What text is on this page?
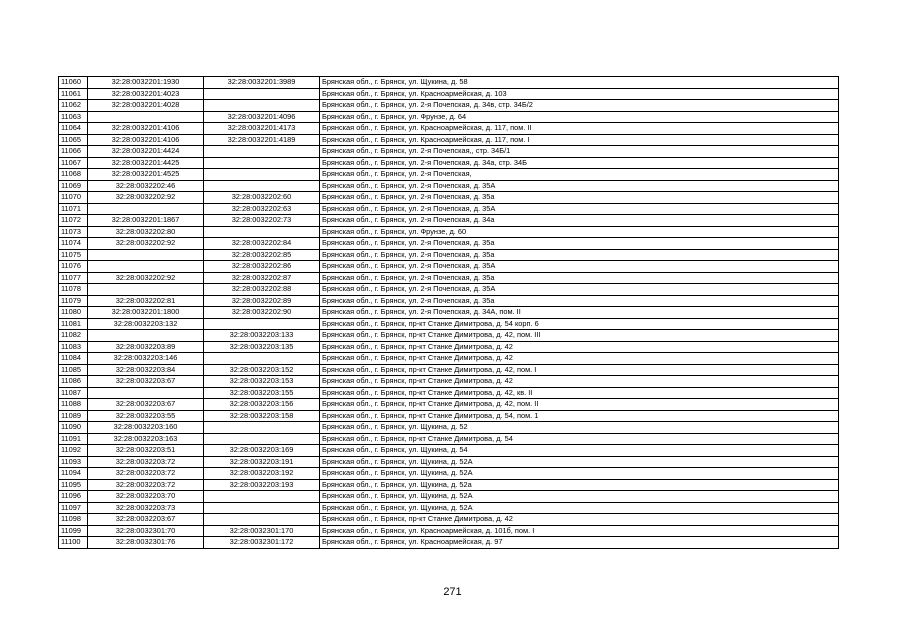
11060	32:28:0032201:1930	32:28:0032201:3989	Брянская обл., г. Брянск, ул. Щукина, д. 58
11061	32:28:0032201:4023		Брянская обл., г. Брянск, ул. Красноармейская, д. 103
11062	32:28:0032201:4028		Брянская обл., г. Брянск, ул. 2-я Почепская, д. 34в, стр. 34Б/2
11063		32:28:0032201:4096	Брянская обл., г. Брянск, ул. Фрунзе, д. 64
11064	32:28:0032201:4106	32:28:0032201:4173	Брянская обл., г. Брянск, ул. Красноармейская, д. 117, пом. II
11065	32:28:0032201:4106	32:28:0032201:4189	Брянская обл., г. Брянск, ул. Красноармейская, д. 117, пом. I
11066	32:28:0032201:4424		Брянская обл., г. Брянск, ул. 2-я Почепская,, стр. 34Б/1
11067	32:28:0032201:4425		Брянская обл., г. Брянск, ул. 2-я Почепская, д. 34а, стр. 34Б
11068	32:28:0032201:4525		Брянская обл., г. Брянск, ул. 2-я Почепская,
11069	32:28:0032202:46		Брянская обл., г. Брянск, ул. 2-я Почепская, д. 35А
11070	32:28:0032202:92	32:28:0032202:60	Брянская обл., г. Брянск, ул. 2-я Почепская, д. 35а
11071		32:28:0032202:63	Брянская обл., г. Брянск, ул. 2-я Почепская, д. 35А
11072	32:28:0032201:1867	32:28:0032202:73	Брянская обл., г. Брянск, ул. 2-я Почепская, д. 34а
11073	32:28:0032202:80		Брянская обл., г. Брянск, ул. Фрунзе, д. 60
11074	32:28:0032202:92	32:28:0032202:84	Брянская обл., г. Брянск, ул. 2-я Почепская, д. 35а
11075		32:28:0032202:85	Брянская обл., г. Брянск, ул. 2-я Почепская, д. 35а
11076		32:28:0032202:86	Брянская обл., г. Брянск, ул. 2-я Почепская, д. 35А
11077	32:28:0032202:92	32:28:0032202:87	Брянская обл., г. Брянск, ул. 2-я Почепская, д. 35а
11078		32:28:0032202:88	Брянская обл., г. Брянск, ул. 2-я Почепская, д. 35А
11079	32:28:0032202:81	32:28:0032202:89	Брянская обл., г. Брянск, ул. 2-я Почепская, д. 35а
11080	32:28:0032201:1800	32:28:0032202:90	Брянская обл., г. Брянск, ул. 2-я Почепская, д. 34А, пом. II
11081	32:28:0032203:132		Брянская обл., г. Брянск, пр-кт Станке Димитрова, д. 54 корп. 6
11082		32:28:0032203:133	Брянская обл., г. Брянск, пр-кт Станке Димитрова, д. 42, пом. III
11083	32:28:0032203:89	32:28:0032203:135	Брянская обл., г. Брянск, пр-кт Станке Димитрова, д. 42
11084	32:28:0032203:146		Брянская обл., г. Брянск, пр-кт Станке Димитрова, д. 42
11085	32:28:0032203:84	32:28:0032203:152	Брянская обл., г. Брянск, пр-кт Станке Димитрова, д. 42, пом. I
11086	32:28:0032203:67	32:28:0032203:153	Брянская обл., г. Брянск, пр-кт Станке Димитрова, д. 42
11087		32:28:0032203:155	Брянская обл., г. Брянск, пр-кт Станке Димитрова, д. 42, кв. II
11088	32:28:0032203:67	32:28:0032203:156	Брянская обл., г. Брянск, пр-кт Станке Димитрова, д. 42, пом. II
11089	32:28:0032203:55	32:28:0032203:158	Брянская обл., г. Брянск, пр-кт Станке Димитрова, д. 54, пом. 1
11090	32:28:0032203:160		Брянская обл., г. Брянск, ул. Щукина, д. 52
11091	32:28:0032203:163		Брянская обл., г. Брянск, пр-кт Станке Димитрова, д. 54
11092	32:28:0032203:51	32:28:0032203:169	Брянская обл., г. Брянск, ул. Щукина, д. 54
11093	32:28:0032203:72	32:28:0032203:191	Брянская обл., г. Брянск, ул. Щукина, д. 52А
11094	32:28:0032203:72	32:28:0032203:192	Брянская обл., г. Брянск, ул. Щукина, д. 52А
11095	32:28:0032203:72	32:28:0032203:193	Брянская обл., г. Брянск, ул. Щукина, д. 52а
11096	32:28:0032203:70		Брянская обл., г. Брянск, ул. Щукина, д. 52А
11097	32:28:0032203:73		Брянская обл., г. Брянск, ул. Щукина, д. 52А
11098	32:28:0032203:67		Брянская обл., г. Брянск, пр-кт Станке Димитрова, д. 42
11099	32:28:0032301:70	32:28:0032301:170	Брянская обл., г. Брянск, ул. Красноармейская, д. 101б, пом. I
11100	32:28:0032301:76	32:28:0032301:172	Брянская обл., г. Брянск, ул. Красноармейская, д. 97
271
